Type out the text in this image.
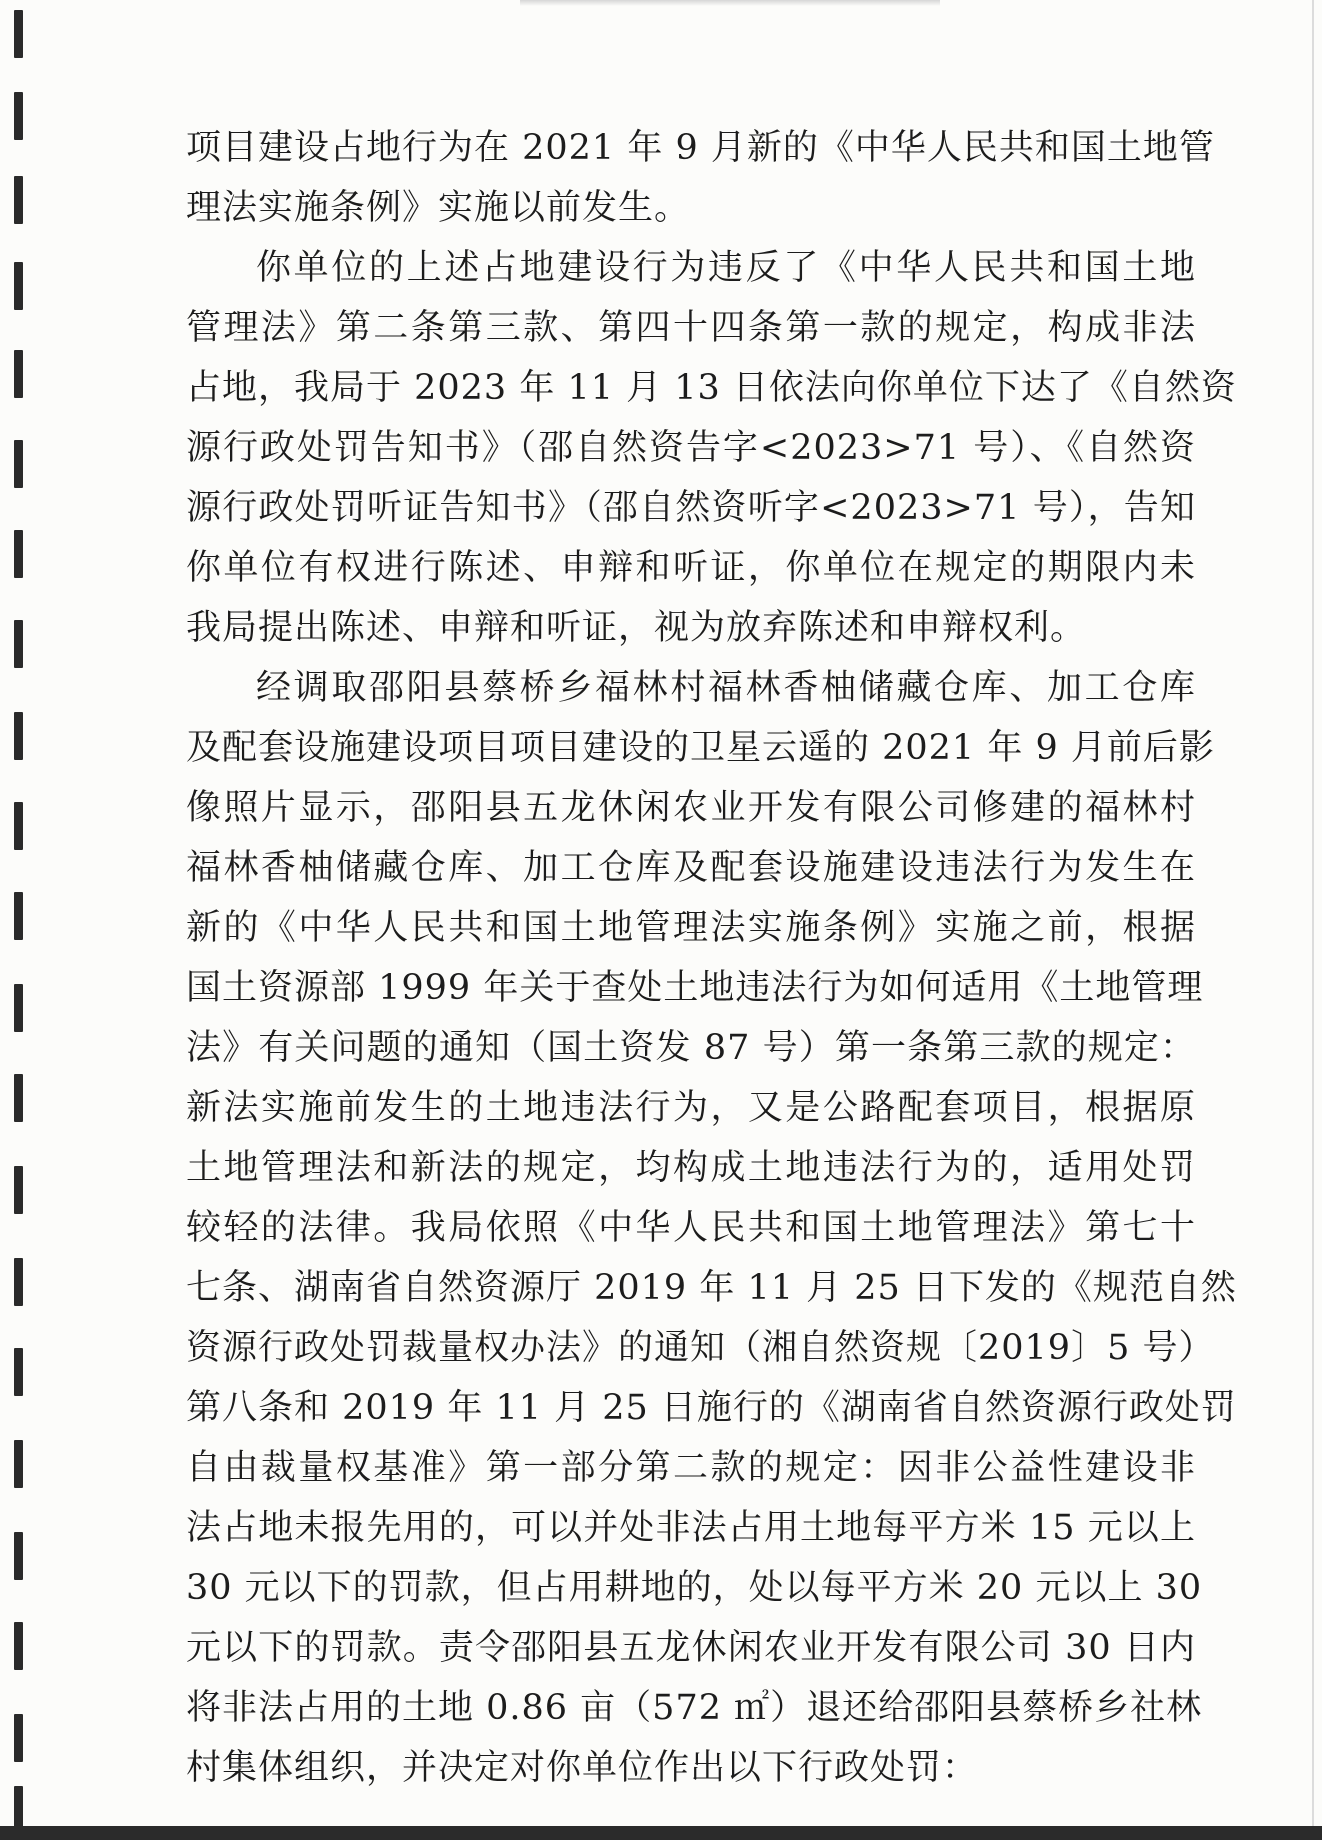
项目建设占地行为在 2021 年 9 月新的《中华人民共和国土地管
理法实施条例》实施以前发生。
你单位的上述占地建设行为违反了《中华人民共和国土地
管理法》第二条第三款、第四十四条第一款的规定，构成非法
占地，我局于 2023 年 11 月 13 日依法向你单位下达了《自然资
源行政处罚告知书》（邵自然资告字<2023>71 号）、《自然资
源行政处罚听证告知书》（邵自然资听字<2023>71 号），告知
你单位有权进行陈述、申辩和听证，你单位在规定的期限内未
我局提出陈述、申辩和听证，视为放弃陈述和申辩权利。
经调取邵阳县蔡桥乡福林村福林香柚储藏仓库、加工仓库
及配套设施建设项目项目建设的卫星云遥的 2021 年 9 月前后影
像照片显示，邵阳县五龙休闲农业开发有限公司修建的福林村
福林香柚储藏仓库、加工仓库及配套设施建设违法行为发生在
新的《中华人民共和国土地管理法实施条例》实施之前，根据
国土资源部 1999 年关于查处土地违法行为如何适用《土地管理
法》有关问题的通知（国土资发 87 号）第一条第三款的规定：
新法实施前发生的土地违法行为，又是公路配套项目，根据原
土地管理法和新法的规定，均构成土地违法行为的，适用处罚
较轻的法律。我局依照《中华人民共和国土地管理法》第七十
七条、湖南省自然资源厅 2019 年 11 月 25 日下发的《规范自然
资源行政处罚裁量权办法》的通知（湘自然资规〔2019〕5 号）
第八条和 2019 年 11 月 25 日施行的《湖南省自然资源行政处罚
自由裁量权基准》第一部分第二款的规定：因非公益性建设非
法占地未报先用的，可以并处非法占用土地每平方米 15 元以上
30 元以下的罚款，但占用耕地的，处以每平方米 20 元以上 30
元以下的罚款。责令邵阳县五龙休闲农业开发有限公司 30 日内
将非法占用的土地 0.86 亩（572 ㎡）退还给邵阳县蔡桥乡社林
村集体组织，并决定对你单位作出以下行政处罚：
